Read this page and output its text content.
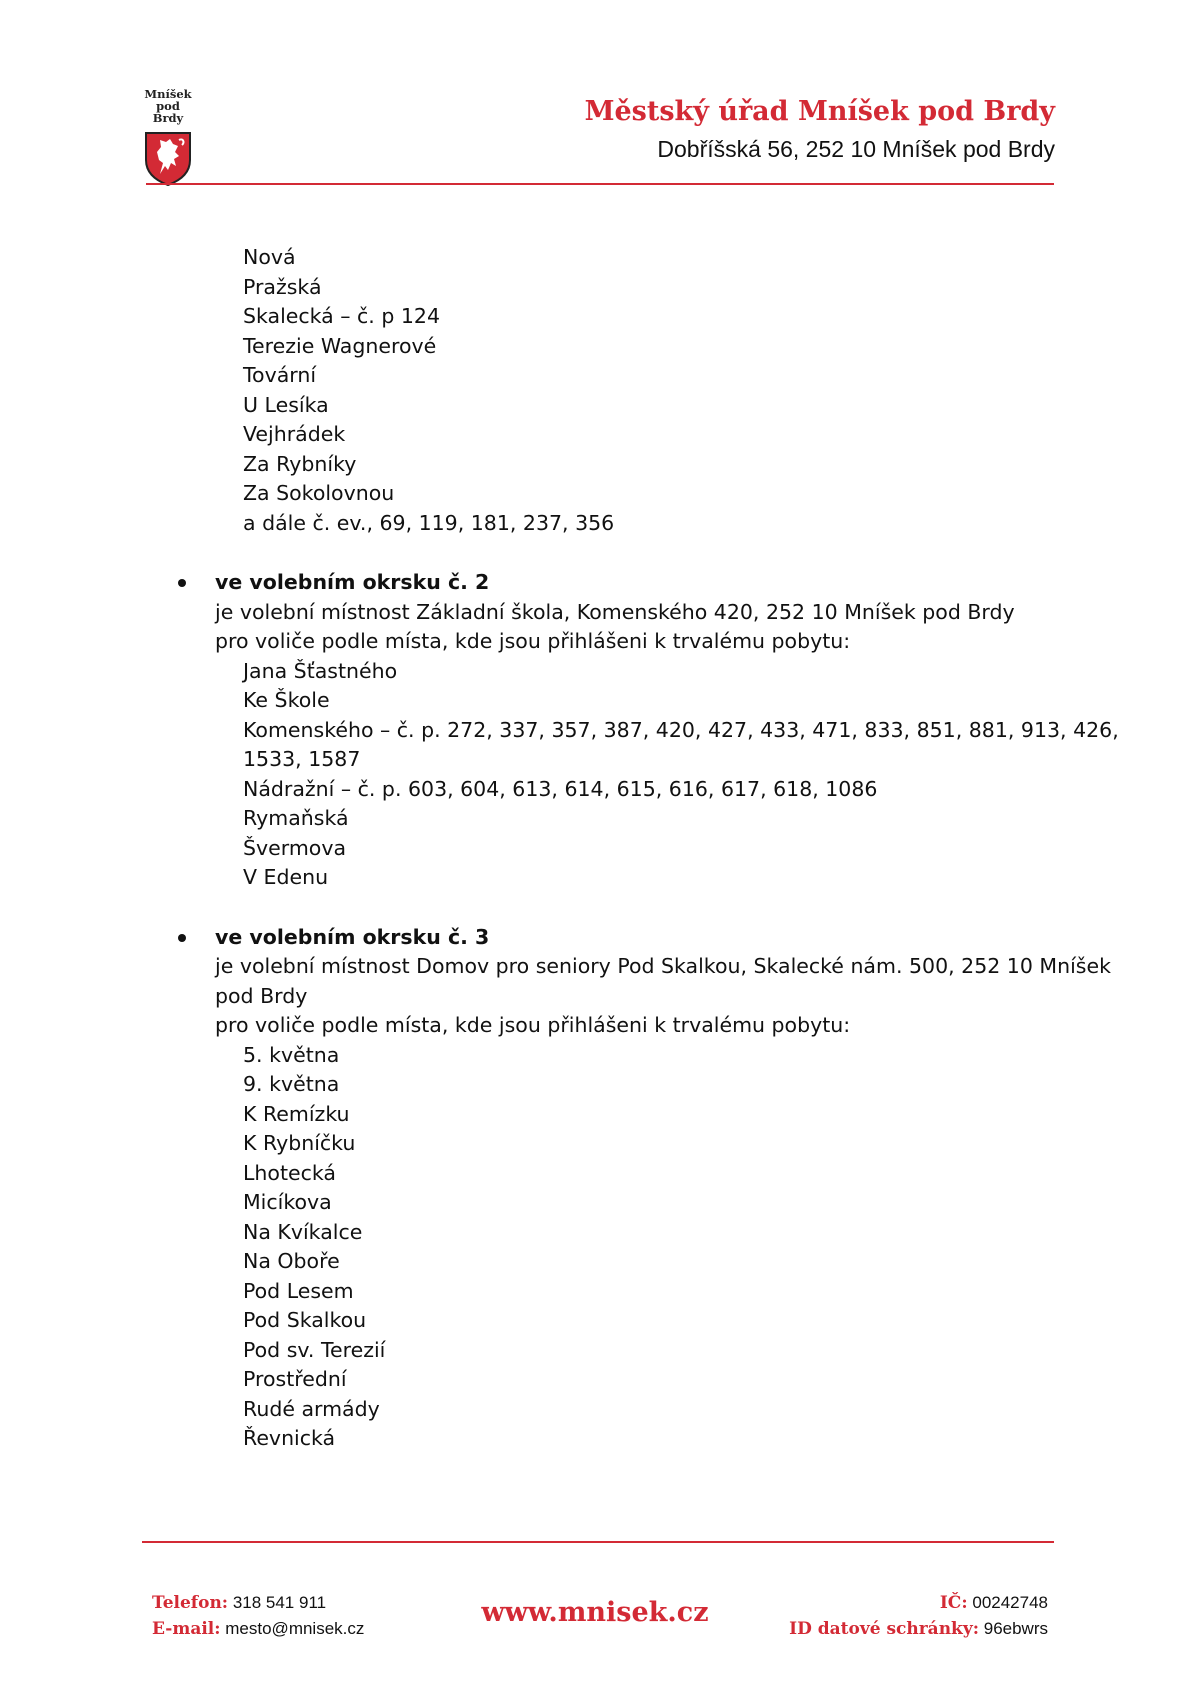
Mníšek
pod Brdy	Městský úřad Mníšek pod Brdy
Dobříšská 56, 252 10 Mníšek pod Brdy
Nová
Pražská
Skalecká – č. p 124
Terezie Wagnerové
Tovární
U Lesíka
Vejhrádek
Za Rybníky
Za Sokolovnou
a dále č. ev., 69, 119, 181, 237, 356
ve volebním okrsku č. 2
je volební místnost Základní škola, Komenského 420, 252 10 Mníšek pod Brdy
pro voliče podle místa, kde jsou přihlášeni k trvalému pobytu:
Jana Šťastného
Ke Škole
Komenského – č. p. 272, 337, 357, 387, 420, 427, 433, 471, 833, 851, 881, 913, 426,
1533, 1587
Nádražní – č. p. 603, 604, 613, 614, 615, 616, 617, 618, 1086
Rymaňská
Švermova
V Edenu
ve volebním okrsku č. 3
je volební místnost Domov pro seniory Pod Skalkou, Skalecké nám. 500, 252 10 Mníšek
pod Brdy
pro voliče podle místa, kde jsou přihlášeni k trvalému pobytu:
5. května
9. května
K Remízku
K Rybníčku
Lhotecká
Micíkova
Na Kvíkalce
Na Oboře
Pod Lesem
Pod Skalkou
Pod sv. Terezií
Prostřední
Rudé armády
Řevnická
Telefon: 318 541 911
E-mail: mesto@mnisek.cz
www.mnisek.cz	IČ: 00242748
ID datové schránky: 96ebwrs
